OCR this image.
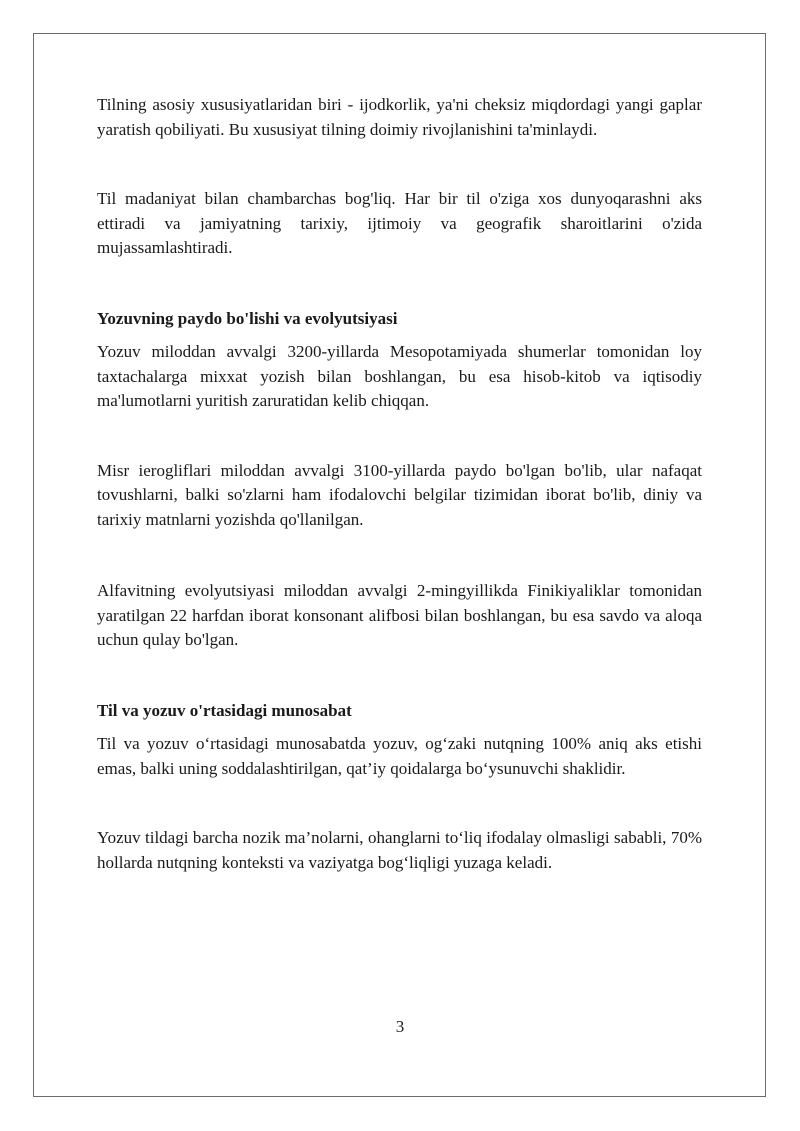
Tilning asosiy xususiyatlaridan biri - ijodkorlik, ya'ni cheksiz miqdordagi yangi gaplar yaratish qobiliyati. Bu xususiyat tilning doimiy rivojlanishini ta'minlaydi.

Til madaniyat bilan chambarchas bog'liq. Har bir til o'ziga xos dunyoqarashni aks ettiradi va jamiyatning tarixiy, ijtimoiy va geografik sharoitlarini o'zida mujassamlashtiradi.

Yozuvning paydo bo'lishi va evolyutsiyasi

Yozuv miloddan avvalgi 3200-yillarda Mesopotamiyada shumerlar tomonidan loy taxtachalarga mixxat yozish bilan boshlangan, bu esa hisob-kitob va iqtisodiy ma'lumotlarni yuritish zaruratidan kelib chiqqan.

Misr ierogliflari miloddan avvalgi 3100-yillarda paydo bo'lgan bo'lib, ular nafaqat tovushlarni, balki so'zlarni ham ifodalovchi belgilar tizimidan iborat bo'lib, diniy va tarixiy matnlarni yozishda qo'llanilgan.

Alfavitning evolyutsiyasi miloddan avvalgi 2-mingyillikda Finikiyaliklar tomonidan yaratilgan 22 harfdan iborat konsonant alifbosi bilan boshlangan, bu esa savdo va aloqa uchun qulay bo'lgan.

Til va yozuv o'rtasidagi munosabat

Til va yozuv o‘rtasidagi munosabatda yozuv, og‘zaki nutqning 100% aniq aks etishi emas, balki uning soddalashtirilgan, qat’iy qoidalarga bo‘ysunuvchi shaklidir.

Yozuv tildagi barcha nozik ma’nolarni, ohanglarni to‘liq ifodalay olmasligi sababli, 70% hollarda nutqning konteksti va vaziyatga bog‘liqligi yuzaga keladi.

3
